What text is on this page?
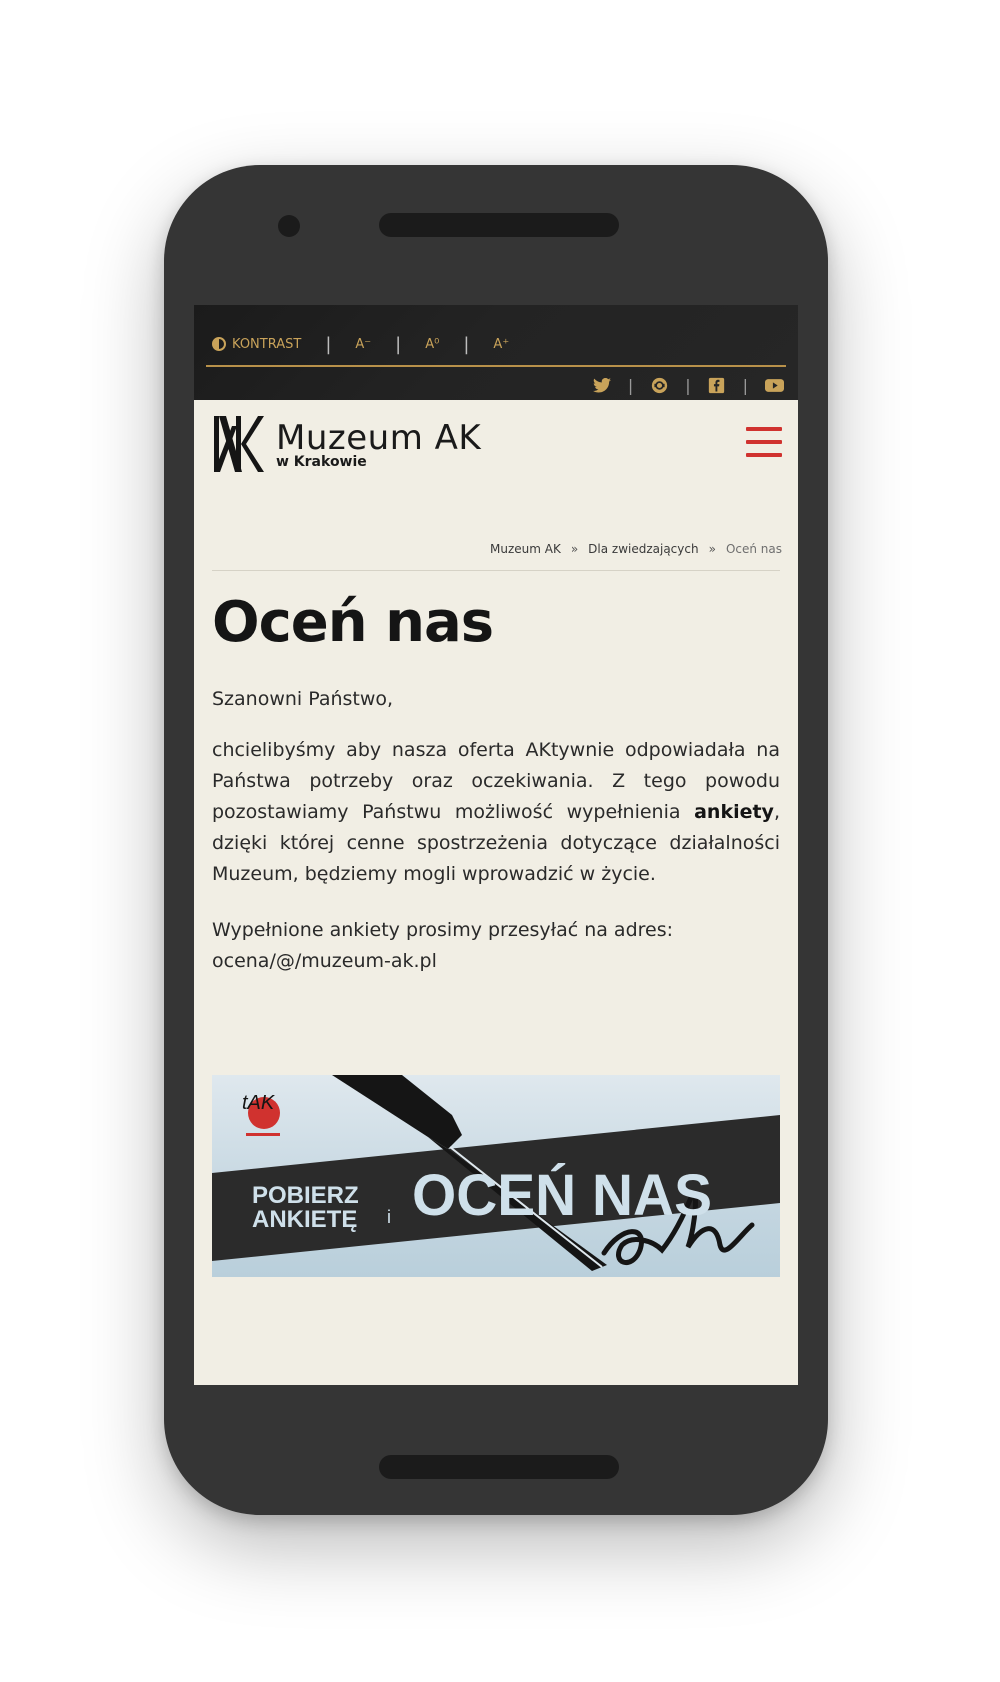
KONTRAST | A⁻ | A⁰ | A⁺
|	|	|
Muzeum AK
w Krakowie
Muzeum AK » Dla zwiedzających » Oceń nas
Oceń nas
Szanowni Państwo,
chcielibyśmy aby nasza oferta AKtywnie odpowiadała na Państwa potrzeby oraz oczekiwania. Z tego powodu pozostawiamy Państwu możliwość wypełnienia ankiety, dzięki której cenne spostrzeżenia dotyczące działalności Muzeum, będziemy mogli wprowadzić w życie.
Wypełnione ankiety prosimy przesyłać na adres:
ocena/@/muzeum-ak.pl
tAK
POBIERZ
ANKIETĘ i OCEŃ NAS
